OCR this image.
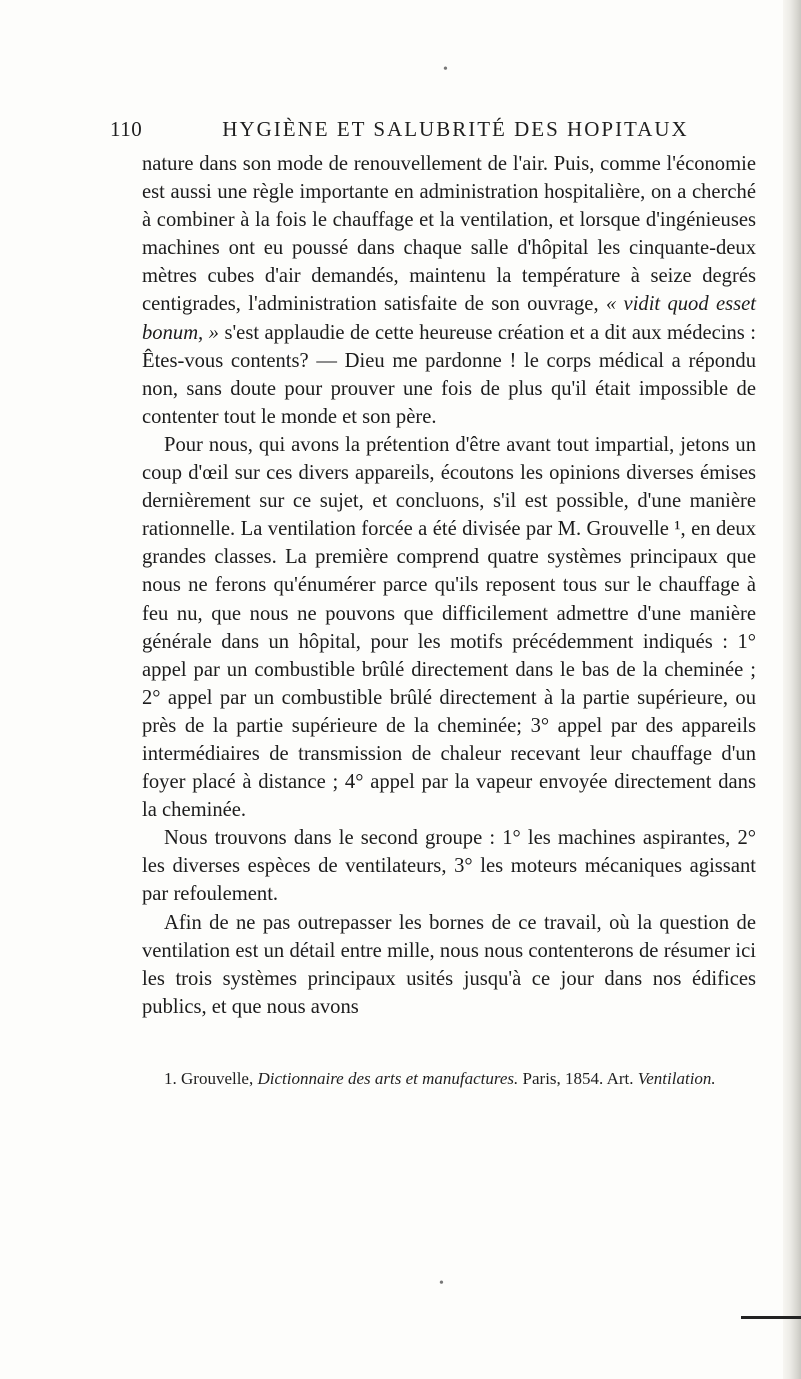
•
•
110	HYGIÈNE ET SALUBRITÉ DES HOPITAUX

nature dans son mode de renouvellement de l'air. Puis, comme l'économie est aussi une règle importante en administration hospitalière, on a cherché à combiner à la fois le chauffage et la ventilation, et lorsque d'ingénieuses machines ont eu poussé dans chaque salle d'hôpital les cinquante-deux mètres cubes d'air demandés, maintenu la température à seize degrés centigrades, l'administration satisfaite de son ouvrage, « vidit quod esset bonum, » s'est applaudie de cette heureuse création et a dit aux médecins : Êtes-vous contents? — Dieu me pardonne ! le corps médical a répondu non, sans doute pour prouver une fois de plus qu'il était impossible de contenter tout le monde et son père.

Pour nous, qui avons la prétention d'être avant tout impartial, jetons un coup d'œil sur ces divers appareils, écoutons les opinions diverses émises dernièrement sur ce sujet, et concluons, s'il est possible, d'une manière rationnelle. La ventilation forcée a été divisée par M. Grouvelle ¹, en deux grandes classes. La première comprend quatre systèmes principaux que nous ne ferons qu'énumérer parce qu'ils reposent tous sur le chauffage à feu nu, que nous ne pouvons que difficilement admettre d'une manière générale dans un hôpital, pour les motifs précédemment indiqués : 1° appel par un combustible brûlé directement dans le bas de la cheminée ; 2° appel par un combustible brûlé directement à la partie supérieure, ou près de la partie supérieure de la cheminée; 3° appel par des appareils intermédiaires de transmission de chaleur recevant leur chauffage d'un foyer placé à distance ; 4° appel par la vapeur envoyée directement dans la cheminée.

Nous trouvons dans le second groupe : 1° les machines aspirantes, 2° les diverses espèces de ventilateurs, 3° les moteurs mécaniques agissant par refoulement.

Afin de ne pas outrepasser les bornes de ce travail, où la question de ventilation est un détail entre mille, nous nous contenterons de résumer ici les trois systèmes principaux usités jusqu'à ce jour dans nos édifices publics, et que nous avons

1. Grouvelle, Dictionnaire des arts et manufactures. Paris, 1854. Art. Ventilation.
